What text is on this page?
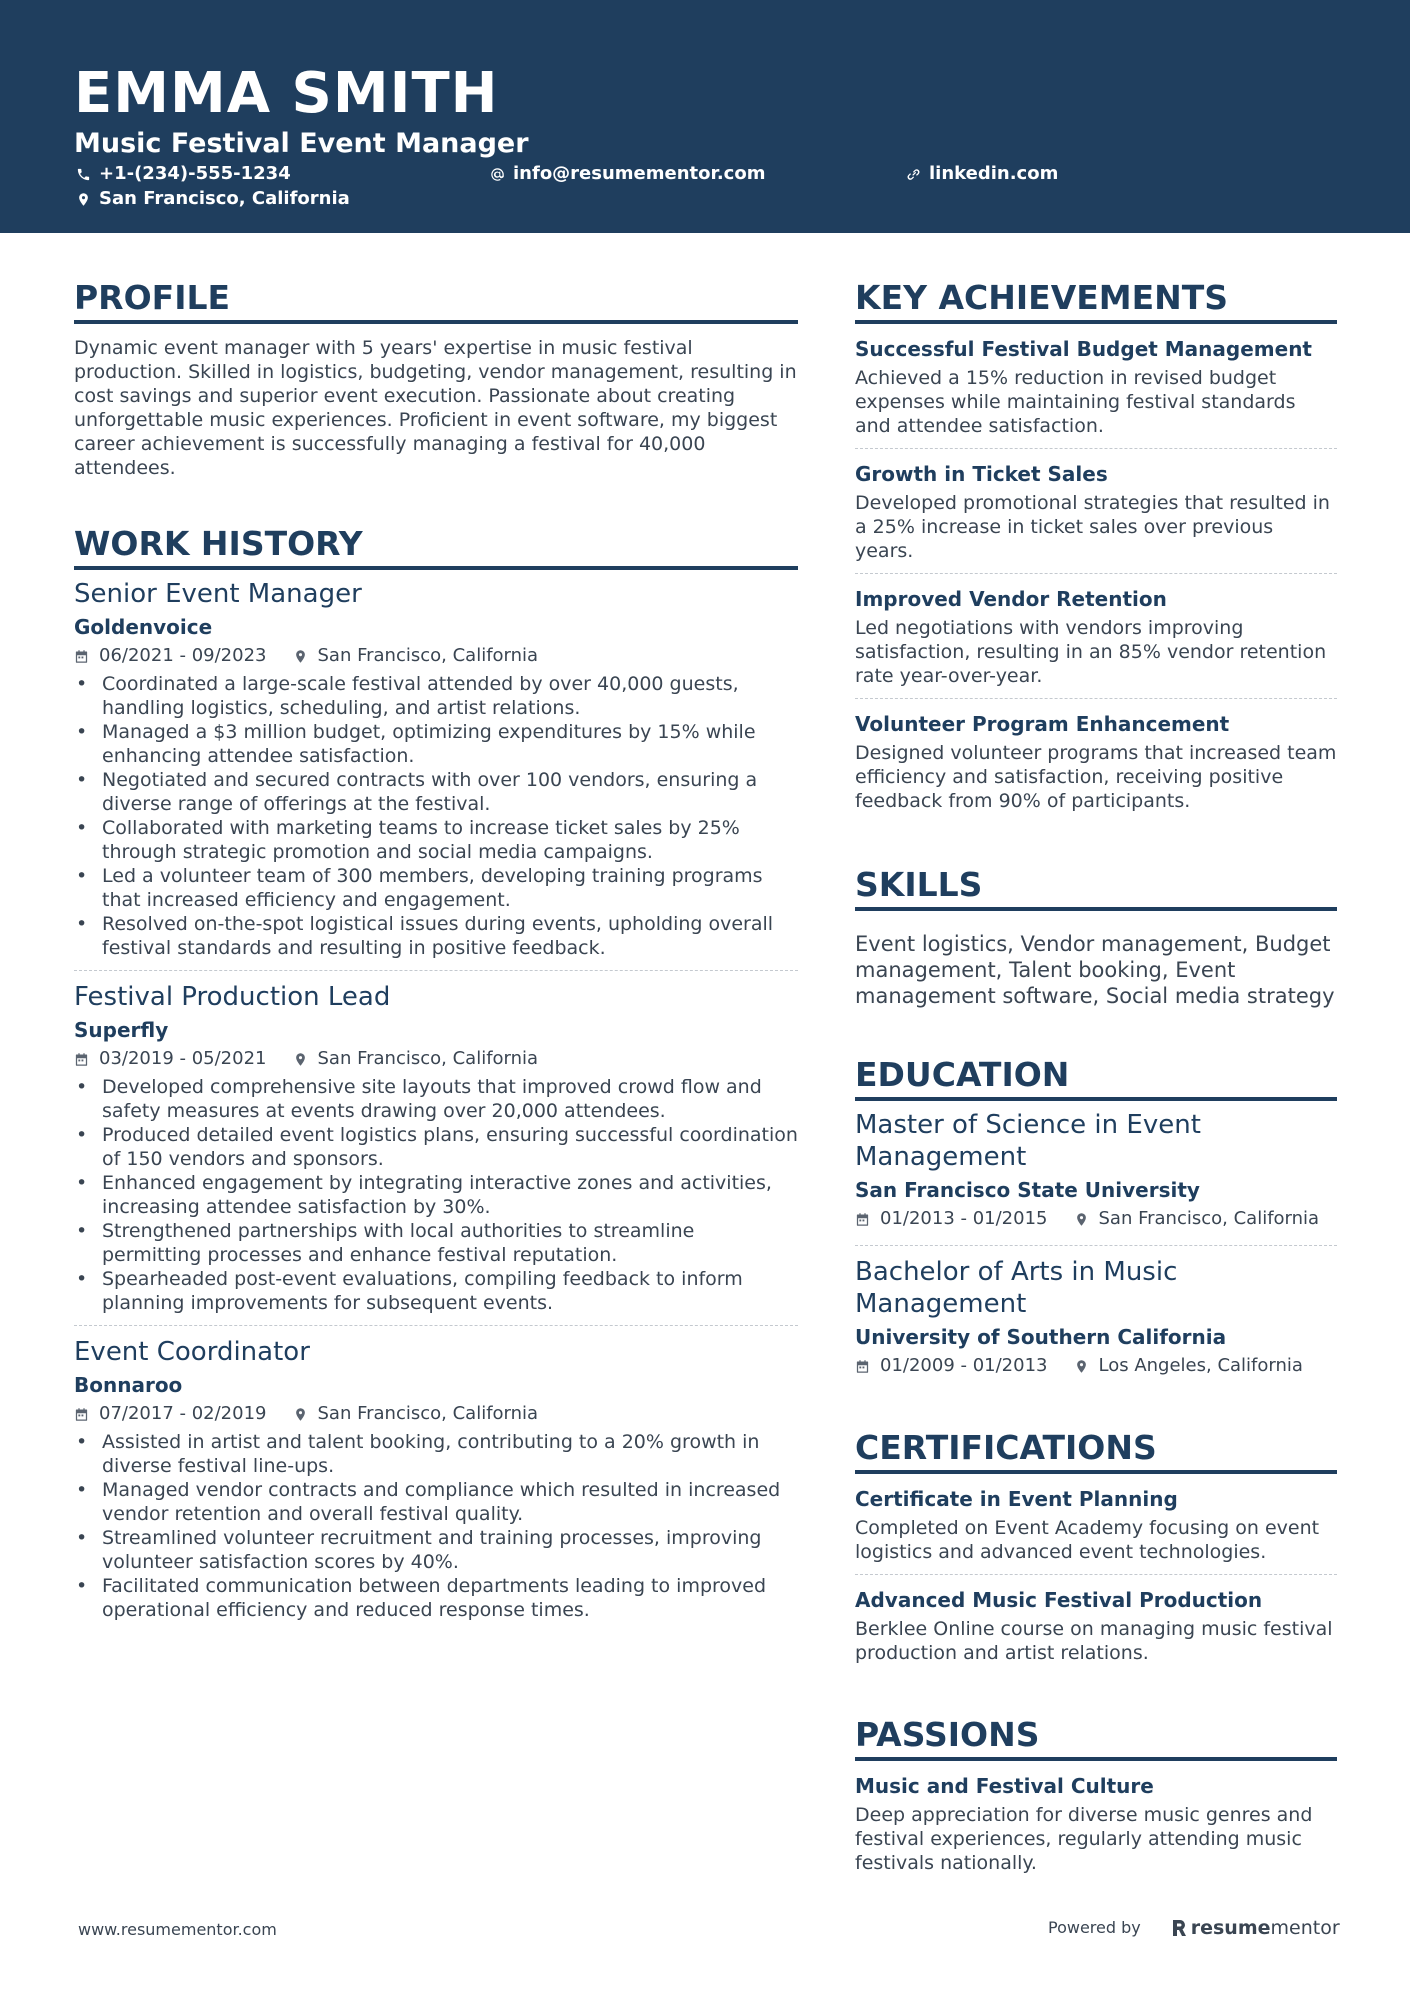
EMMA SMITH
Music Festival Event Manager
+1-(234)-555-1234	info@resumementor.com	linkedin.com
San Francisco, California
PROFILE
Dynamic event manager with 5 years' expertise in music festival production. Skilled in logistics, budgeting, vendor management, resulting in cost savings and superior event execution. Passionate about creating unforgettable music experiences. Proficient in event software, my biggest career achievement is successfully managing a festival for 40,000 attendees.
WORK HISTORY
Senior Event Manager
Goldenvoice
06/2021 - 09/2023	San Francisco, California
• Coordinated a large-scale festival attended by over 40,000 guests, handling logistics, scheduling, and artist relations.
• Managed a $3 million budget, optimizing expenditures by 15% while enhancing attendee satisfaction.
• Negotiated and secured contracts with over 100 vendors, ensuring a diverse range of offerings at the festival.
• Collaborated with marketing teams to increase ticket sales by 25% through strategic promotion and social media campaigns.
• Led a volunteer team of 300 members, developing training programs that increased efficiency and engagement.
• Resolved on-the-spot logistical issues during events, upholding overall festival standards and resulting in positive feedback.
Festival Production Lead
Superfly
03/2019 - 05/2021	San Francisco, California
• Developed comprehensive site layouts that improved crowd flow and safety measures at events drawing over 20,000 attendees.
• Produced detailed event logistics plans, ensuring successful coordination of 150 vendors and sponsors.
• Enhanced engagement by integrating interactive zones and activities, increasing attendee satisfaction by 30%.
• Strengthened partnerships with local authorities to streamline permitting processes and enhance festival reputation.
• Spearheaded post-event evaluations, compiling feedback to inform planning improvements for subsequent events.
Event Coordinator
Bonnaroo
07/2017 - 02/2019	San Francisco, California
• Assisted in artist and talent booking, contributing to a 20% growth in diverse festival line-ups.
• Managed vendor contracts and compliance which resulted in increased vendor retention and overall festival quality.
• Streamlined volunteer recruitment and training processes, improving volunteer satisfaction scores by 40%.
• Facilitated communication between departments leading to improved operational efficiency and reduced response times.
KEY ACHIEVEMENTS
Successful Festival Budget Management
Achieved a 15% reduction in revised budget expenses while maintaining festival standards and attendee satisfaction.
Growth in Ticket Sales
Developed promotional strategies that resulted in a 25% increase in ticket sales over previous years.
Improved Vendor Retention
Led negotiations with vendors improving satisfaction, resulting in an 85% vendor retention rate year-over-year.
Volunteer Program Enhancement
Designed volunteer programs that increased team efficiency and satisfaction, receiving positive feedback from 90% of participants.
SKILLS
Event logistics, Vendor management, Budget management, Talent booking, Event management software, Social media strategy
EDUCATION
Master of Science in Event Management
San Francisco State University
01/2013 - 01/2015	San Francisco, California
Bachelor of Arts in Music Management
University of Southern California
01/2009 - 01/2013	Los Angeles, California
CERTIFICATIONS
Certificate in Event Planning
Completed on Event Academy focusing on event logistics and advanced event technologies.
Advanced Music Festival Production
Berklee Online course on managing music festival production and artist relations.
PASSIONS
Music and Festival Culture
Deep appreciation for diverse music genres and festival experiences, regularly attending music festivals nationally.
www.resumementor.com	Powered by	resume mentor
